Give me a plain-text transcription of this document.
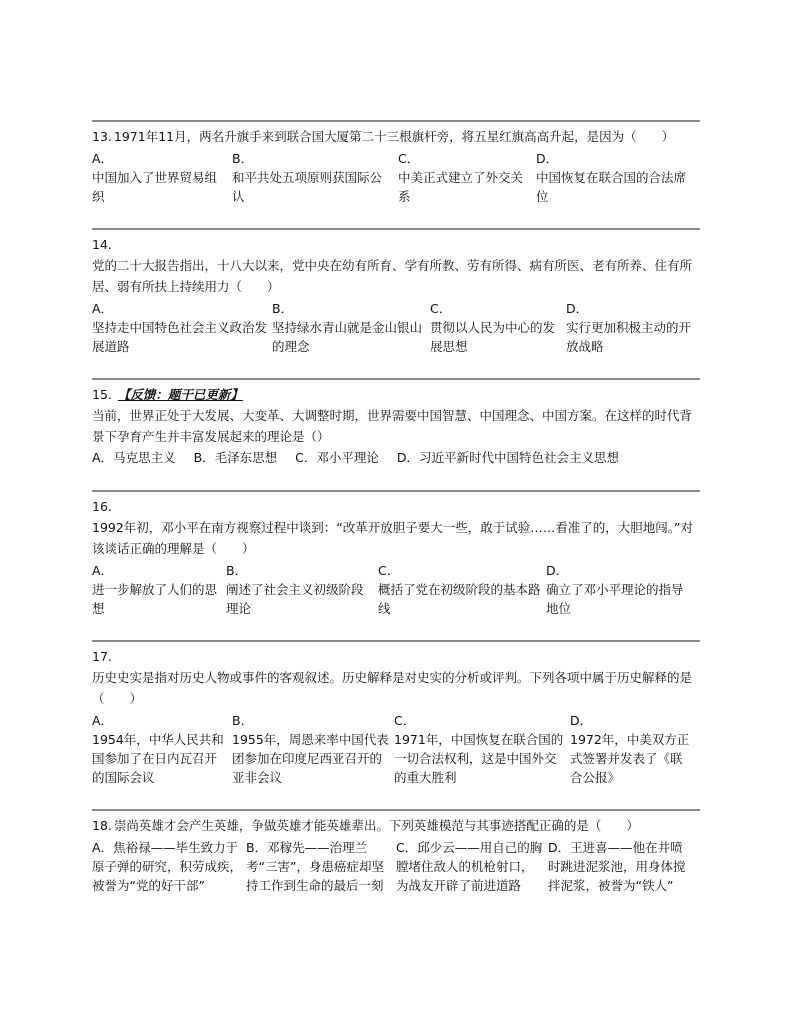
13. 1971年11月，两名升旗手来到联合国大厦第二十三根旗杆旁，将五星红旗高高升起，是因为（　　）

A．
中国加入了世界贸易组织
B．
和平共处五项原则获国际公认
C．
中美正式建立了外交关系
D．
中国恢复在联合国的合法席位

14.

党的二十大报告指出，十八大以来，党中央在幼有所育、学有所教、劳有所得、病有所医、老有所养、住有所居、弱有所扶上持续用力（　　）

A．
坚持走中国特色社会主义政治发展道路
B．
坚持绿水青山就是金山银山的理念
C．
贯彻以人民为中心的发展思想
D．
实行更加积极主动的开放战略

15. 【反馈：题干已更新】

当前，世界正处于大发展、大变革、大调整时期，世界需要中国智慧、中国理念、中国方案。在这样的时代背景下孕育产生并丰富发展起来的理论是（）

A．马克思主义 B．毛泽东思想 C．邓小平理论 D．习近平新时代中国特色社会主义思想

16.

1992年初，邓小平在南方视察过程中谈到：“改革开放胆子要大一些，敢于试验……看准了的，大胆地闯。”对该谈话正确的理解是（　　）

A．
进一步解放了人们的思想
B．
阐述了社会主义初级阶段理论
C．
概括了党在初级阶段的基本路线
D．
确立了邓小平理论的指导地位

17.

历史史实是指对历史人物或事件的客观叙述。历史解释是对史实的分析或评判。下列各项中属于历史解释的是（　　）

A．
1954年，中华人民共和国参加了在日内瓦召开的国际会议
B．
1955年，周恩来率中国代表团参加在印度尼西亚召开的亚非会议
C．
1971年，中国恢复在联合国的一切合法权利，这是中国外交的重大胜利
D．
1972年，中美双方正式签署并发表了《联合公报》

18. 崇尚英雄才会产生英雄，争做英雄才能英雄辈出。下列英雄模范与其事迹搭配正确的是（　　）

A．焦裕禄——毕生致力于原子弹的研究，积劳成疾，被誉为“党的好干部”
B．邓稼先——治理兰考“三害”，身患癌症却坚持工作到生命的最后一刻
C．邱少云——用自己的胸膛堵住敌人的机枪射口，为战友开辟了前进道路
D．王进喜——他在井喷时跳进泥浆池，用身体搅拌泥浆，被誉为“铁人”
